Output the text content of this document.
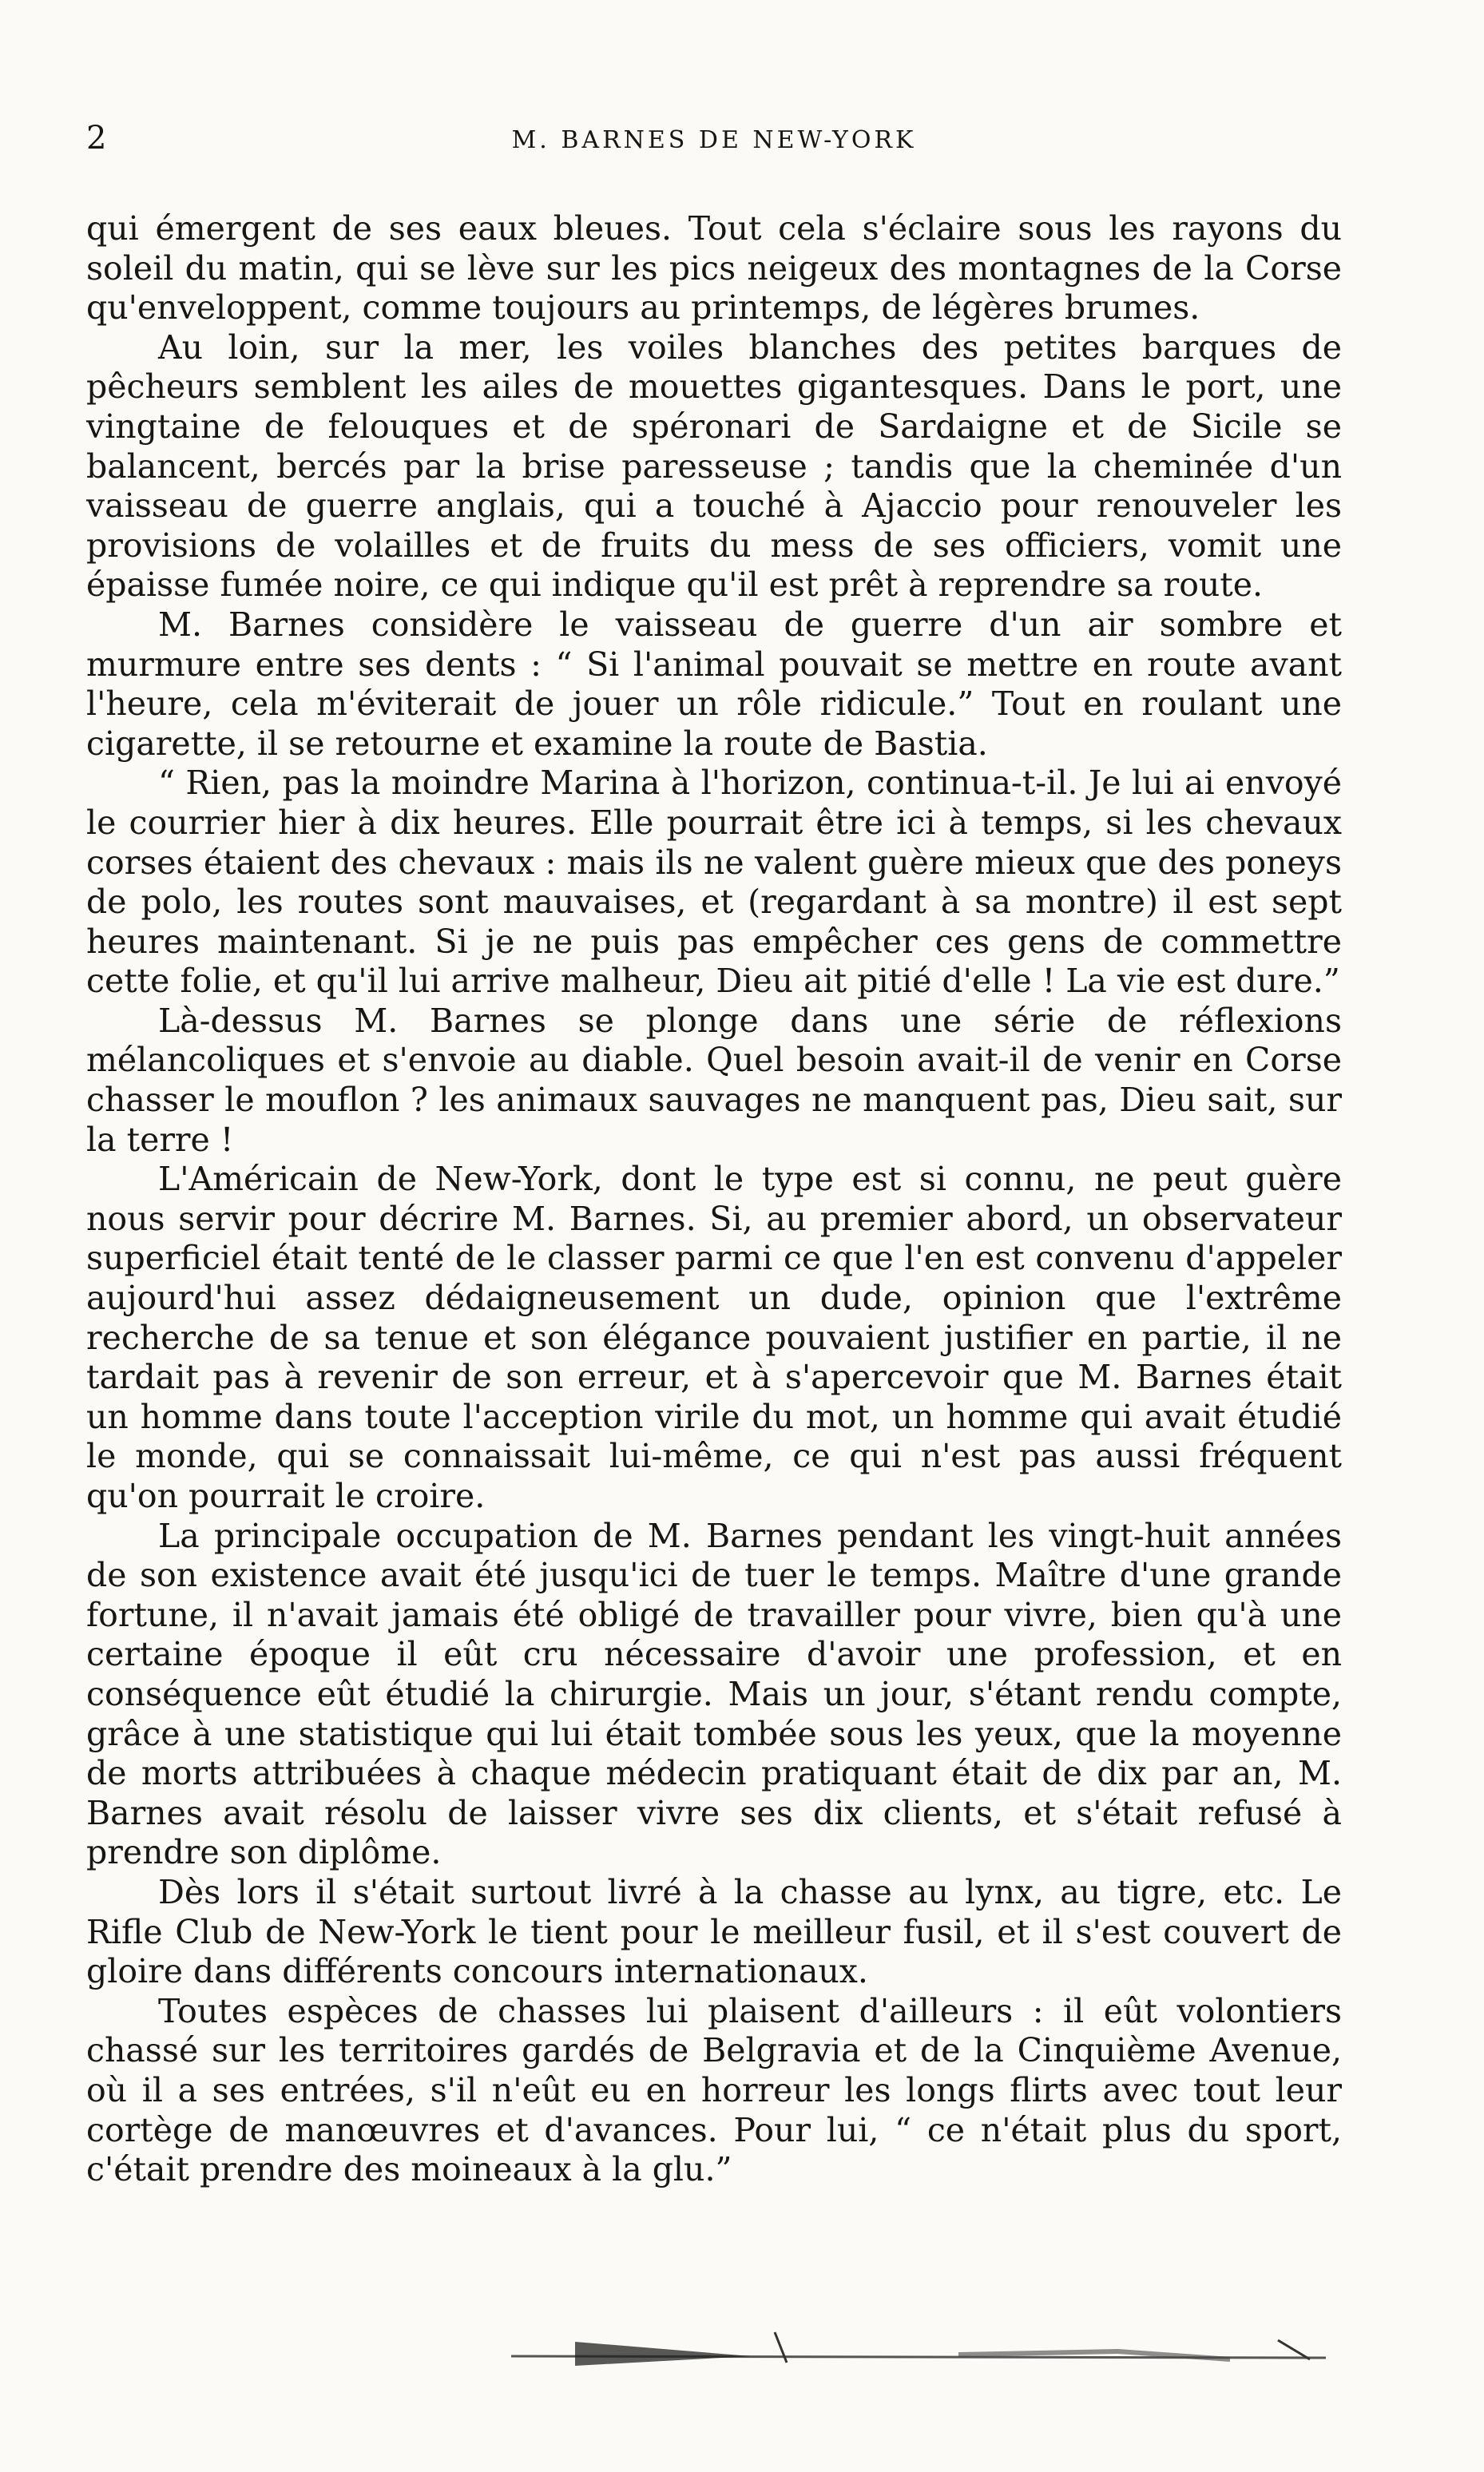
2	M. BARNES DE NEW-YORK

qui émergent de ses eaux bleues. Tout cela s'éclaire sous les rayons du soleil du matin, qui se lève sur les pics neigeux des montagnes de la Corse qu'enveloppent, comme toujours au printemps, de légères brumes.

Au loin, sur la mer, les voiles blanches des petites barques de pêcheurs semblent les ailes de mouettes gigantesques. Dans le port, une vingtaine de felouques et de spéronari de Sardaigne et de Sicile se balancent, bercés par la brise paresseuse ; tandis que la cheminée d'un vaisseau de guerre anglais, qui a touché à Ajaccio pour renouveler les provisions de volailles et de fruits du mess de ses officiers, vomit une épaisse fumée noire, ce qui indique qu'il est prêt à reprendre sa route.

M. Barnes considère le vaisseau de guerre d'un air sombre et murmure entre ses dents : “ Si l'animal pouvait se mettre en route avant l'heure, cela m'éviterait de jouer un rôle ridicule.” Tout en roulant une cigarette, il se retourne et examine la route de Bastia.

“ Rien, pas la moindre Marina à l'horizon, continua-t-il. Je lui ai envoyé le courrier hier à dix heures. Elle pourrait être ici à temps, si les chevaux corses étaient des chevaux : mais ils ne valent guère mieux que des poneys de polo, les routes sont mauvaises, et (regardant à sa montre) il est sept heures maintenant. Si je ne puis pas empêcher ces gens de commettre cette folie, et qu'il lui arrive malheur, Dieu ait pitié d'elle ! La vie est dure.”

Là-dessus M. Barnes se plonge dans une série de réflexions mélancoliques et s'envoie au diable. Quel besoin avait-il de venir en Corse chasser le mouflon ? les animaux sauvages ne manquent pas, Dieu sait, sur la terre !

L'Américain de New-York, dont le type est si connu, ne peut guère nous servir pour décrire M. Barnes. Si, au premier abord, un observateur superficiel était tenté de le classer parmi ce que l'en est convenu d'appeler aujourd'hui assez dédaigneusement un dude, opinion que l'extrême recherche de sa tenue et son élégance pouvaient justifier en partie, il ne tardait pas à revenir de son erreur, et à s'apercevoir que M. Barnes était un homme dans toute l'acception virile du mot, un homme qui avait étudié le monde, qui se connaissait lui-même, ce qui n'est pas aussi fréquent qu'on pourrait le croire.

La principale occupation de M. Barnes pendant les vingt-huit années de son existence avait été jusqu'ici de tuer le temps. Maître d'une grande fortune, il n'avait jamais été obligé de travailler pour vivre, bien qu'à une certaine époque il eût cru nécessaire d'avoir une profession, et en conséquence eût étudié la chirurgie. Mais un jour, s'étant rendu compte, grâce à une statistique qui lui était tombée sous les yeux, que la moyenne de morts attribuées à chaque médecin pratiquant était de dix par an, M. Barnes avait résolu de laisser vivre ses dix clients, et s'était refusé à prendre son diplôme.

Dès lors il s'était surtout livré à la chasse au lynx, au tigre, etc. Le Rifle Club de New-York le tient pour le meilleur fusil, et il s'est couvert de gloire dans différents concours internationaux.

Toutes espèces de chasses lui plaisent d'ailleurs : il eût volontiers chassé sur les territoires gardés de Belgravia et de la Cinquième Avenue, où il a ses entrées, s'il n'eût eu en horreur les longs flirts avec tout leur cortège de manœuvres et d'avances. Pour lui, “ ce n'était plus du sport, c'était prendre des moineaux à la glu.”
